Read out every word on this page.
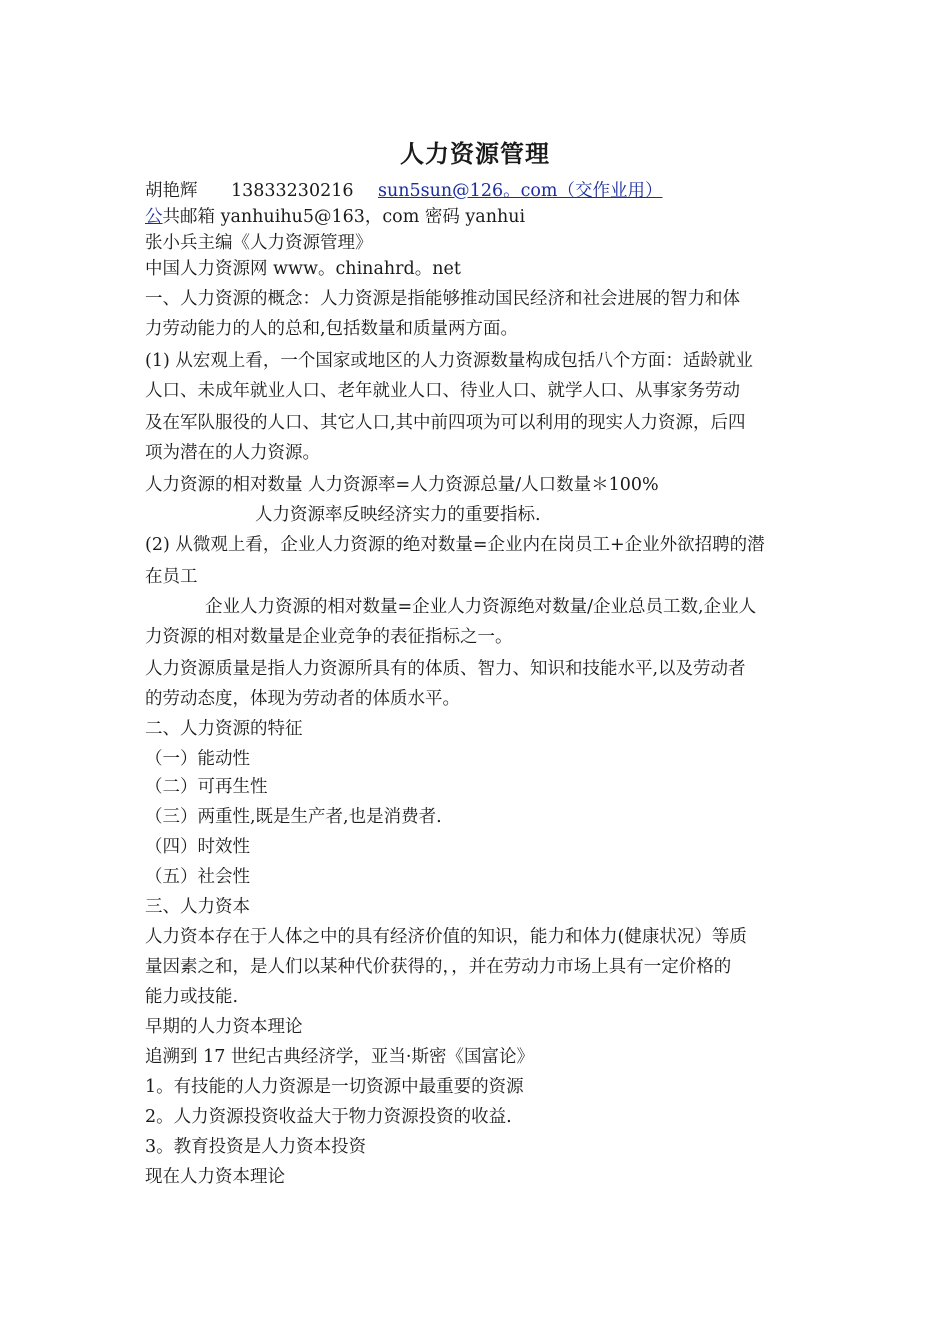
人力资源管理
胡艳辉 13833230216 sun5sun@126。com（交作业用）
公共邮箱 yanhuihu5@163，com 密码 yanhui
张小兵主编《人力资源管理》
中国人力资源网 www。chinahrd。net
一、人力资源的概念：人力资源是指能够推动国民经济和社会进展的智力和体
力劳动能力的人的总和,包括数量和质量两方面。
(1) 从宏观上看，一个国家或地区的人力资源数量构成包括八个方面：适龄就业
人口、未成年就业人口、老年就业人口、待业人口、就学人口、从事家务劳动
及在军队服役的人口、其它人口,其中前四项为可以利用的现实人力资源，后四
项为潜在的人力资源。
人力资源的相对数量 人力资源率=人力资源总量/人口数量＊100%
人力资源率反映经济实力的重要指标.
(2) 从微观上看，企业人力资源的绝对数量=企业内在岗员工+企业外欲招聘的潜
在员工
企业人力资源的相对数量=企业人力资源绝对数量/企业总员工数,企业人
力资源的相对数量是企业竞争的表征指标之一。
人力资源质量是指人力资源所具有的体质、智力、知识和技能水平,以及劳动者
的劳动态度，体现为劳动者的体质水平。
二、人力资源的特征
（一）能动性
（二）可再生性
（三）两重性,既是生产者,也是消费者.
（四）时效性
（五）社会性
三、人力资本
人力资本存在于人体之中的具有经济价值的知识，能力和体力(健康状况）等质
量因素之和，是人们以某种代价获得的，，并在劳动力市场上具有一定价格的
能力或技能.
早期的人力资本理论
追溯到 17 世纪古典经济学，亚当·斯密《国富论》
1。有技能的人力资源是一切资源中最重要的资源
2。人力资源投资收益大于物力资源投资的收益.
3。教育投资是人力资本投资
现在人力资本理论
